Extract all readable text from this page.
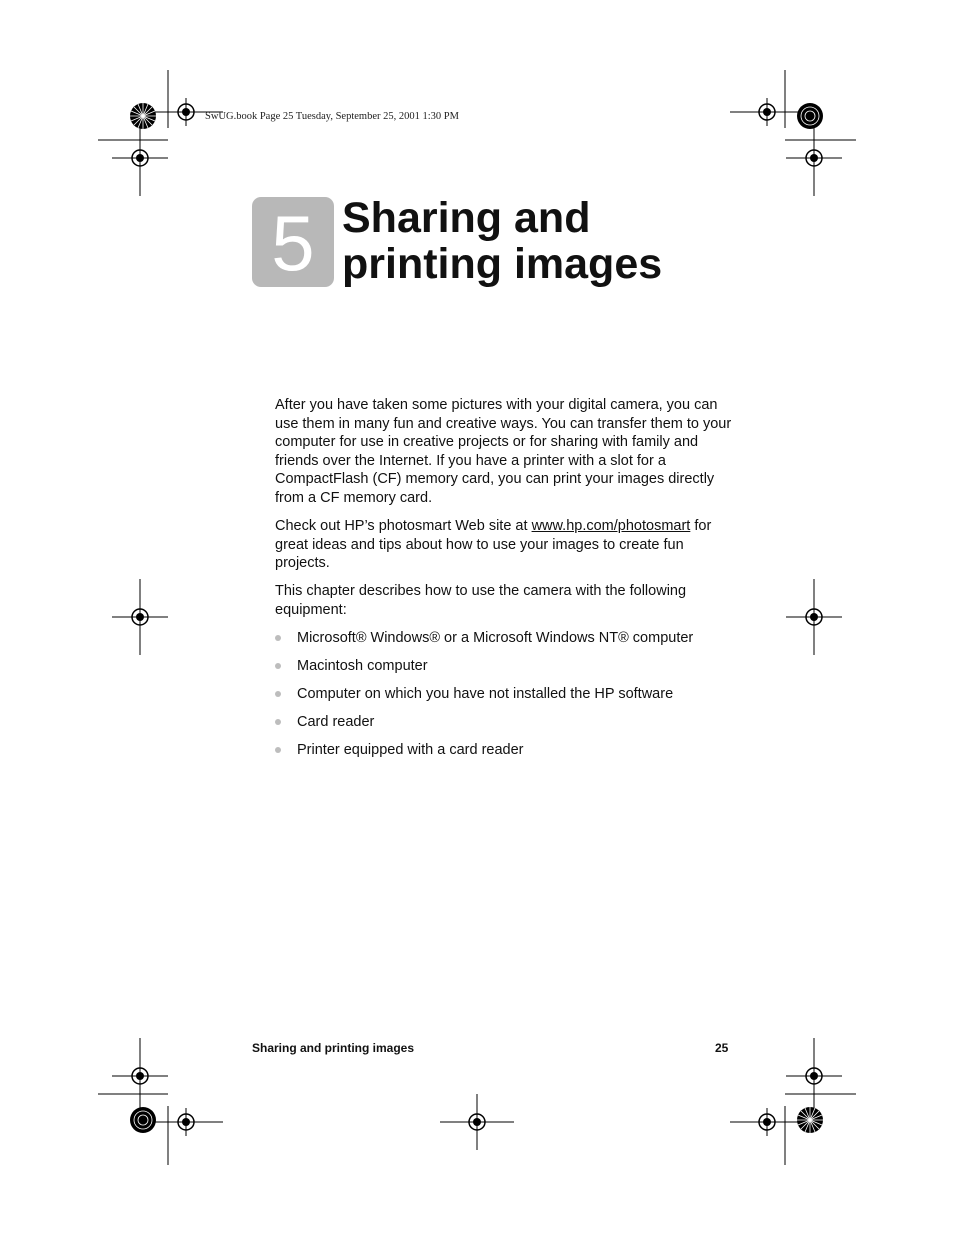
SwUG.book Page 25 Tuesday, September 25, 2001 1:30 PM
5 Sharing and
printing images

After you have taken some pictures with your digital camera, you can use them in many fun and creative ways. You can transfer them to your computer for use in creative projects or for sharing with family and friends over the Internet. If you have a printer with a slot for a CompactFlash (CF) memory card, you can print your images directly from a CF memory card.

Check out HP’s photosmart Web site at www.hp.com/photosmart for great ideas and tips about how to use your images to create fun projects.

This chapter describes how to use the camera with the following equipment:

Microsoft® Windows® or a Microsoft Windows NT® computer
Macintosh computer
Computer on which you have not installed the HP software
Card reader
Printer equipped with a card reader
Sharing and printing images	25
